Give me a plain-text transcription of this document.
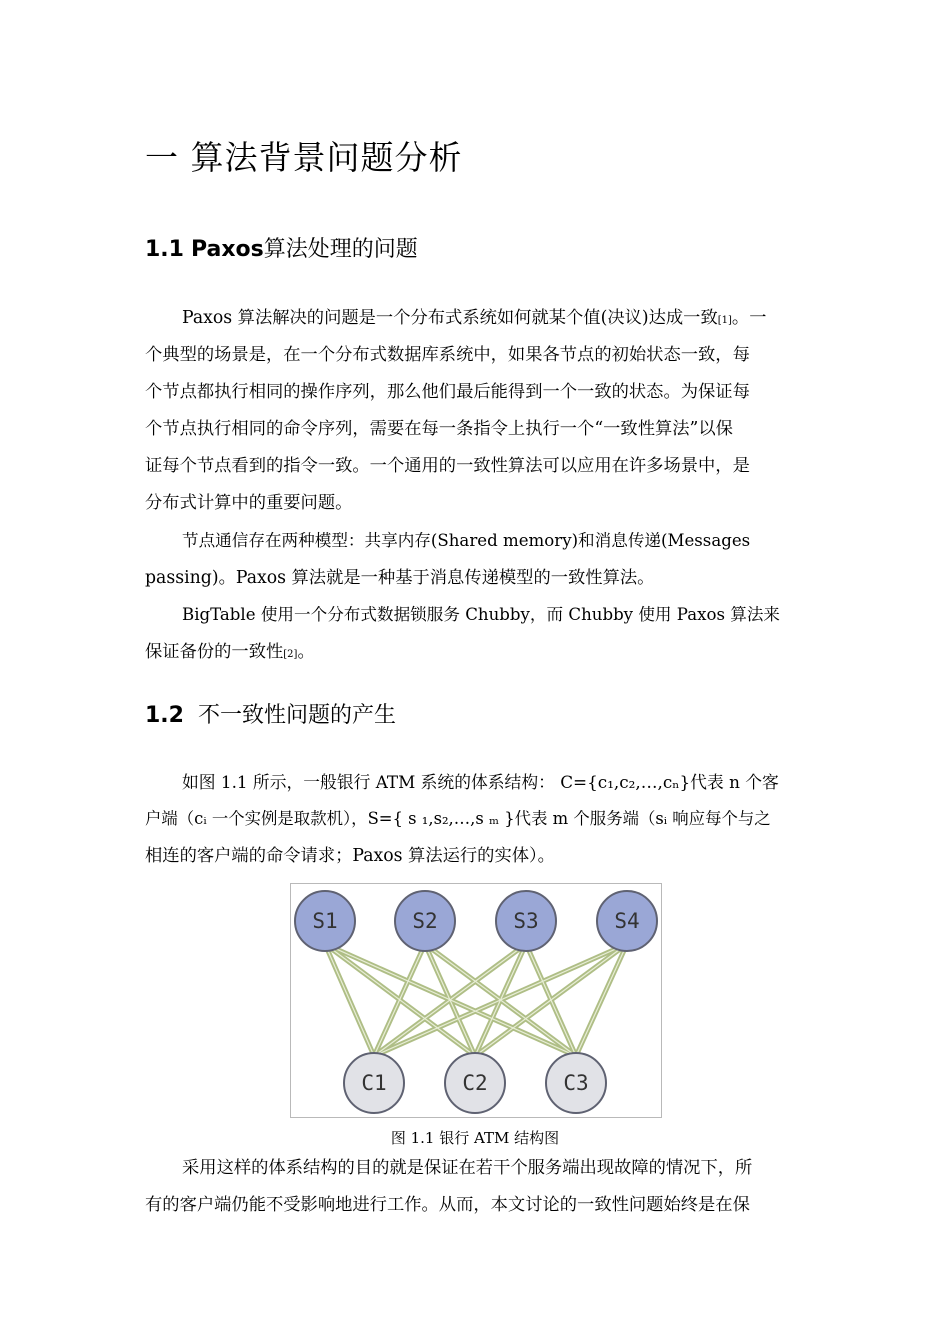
一 算法背景问题分析
1.1 Paxos算法处理的问题
Paxos 算法解决的问题是一个分布式系统如何就某个值(决议)达成一致[1]。一
个典型的场景是，在一个分布式数据库系统中，如果各节点的初始状态一致，每
个节点都执行相同的操作序列，那么他们最后能得到一个一致的状态。为保证每
个节点执行相同的命令序列，需要在每一条指令上执行一个“一致性算法”以保
证每个节点看到的指令一致。一个通用的一致性算法可以应用在许多场景中，是
分布式计算中的重要问题。
节点通信存在两种模型：共享内存(Shared memory)和消息传递(Messages
passing)。Paxos 算法就是一种基于消息传递模型的一致性算法。
BigTable 使用一个分布式数据锁服务 Chubby，而 Chubby 使用 Paxos 算法来
保证备份的一致性[2]。
1.2 不一致性问题的产生
如图 1.1 所示，一般银行 ATM 系统的体系结构： C={c₁,c₂,…,cₙ}代表 n 个客
户端（cᵢ 一个实例是取款机），S={ s ₁,s₂,…,s ₘ }代表 m 个服务端（sᵢ 响应每个与之
相连的客户端的命令请求；Paxos 算法运行的实体）。
S1	S2	S3	S4
C1	C2	C3
图 1.1 银行 ATM 结构图
采用这样的体系结构的目的就是保证在若干个服务端出现故障的情况下，所
有的客户端仍能不受影响地进行工作。从而，本文讨论的一致性问题始终是在保
